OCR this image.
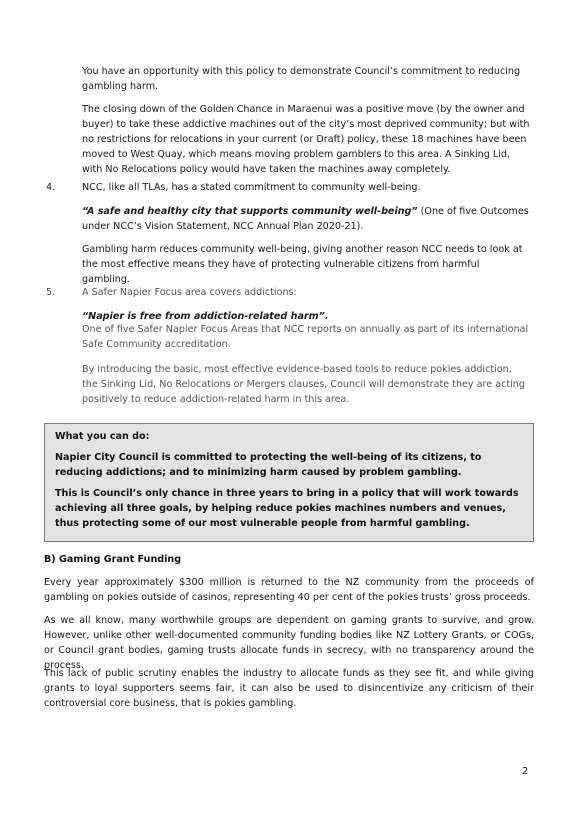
You have an opportunity with this policy to demonstrate Council’s commitment to reducing gambling harm.

The closing down of the Golden Chance in Maraenui was a positive move (by the owner and buyer) to take these addictive machines out of the city’s most deprived community; but with no restrictions for relocations in your current (or Draft) policy, these 18 machines have been moved to West Quay, which means moving problem gamblers to this area. A Sinking Lid, with No Relocations policy would have taken the machines away completely.

4.	NCC, like all TLAs, has a stated commitment to community well-being.

“A safe and healthy city that supports community well-being” (One of five Outcomes under NCC’s Vision Statement, NCC Annual Plan 2020-21).

Gambling harm reduces community well-being, giving another reason NCC needs to look at the most effective means they have of protecting vulnerable citizens from harmful gambling.

5.	A Safer Napier Focus area covers addictions:

“Napier is free from addiction-related harm”.

One of five Safer Napier Focus Areas that NCC reports on annually as part of its international Safe Community accreditation.

By introducing the basic, most effective evidence-based tools to reduce pokies addiction, the Sinking Lid, No Relocations or Mergers clauses, Council will demonstrate they are acting positively to reduce addiction-related harm in this area.

What you can do:

Napier City Council is committed to protecting the well-being of its citizens, to reducing addictions; and to minimizing harm caused by problem gambling.

This is Council’s only chance in three years to bring in a policy that will work towards achieving all three goals, by helping reduce pokies machines numbers and venues, thus protecting some of our most vulnerable people from harmful gambling.

B) Gaming Grant Funding

Every year approximately $300 million is returned to the NZ community from the proceeds of gambling on pokies outside of casinos, representing 40 per cent of the pokies trusts’ gross proceeds.

As we all know, many worthwhile groups are dependent on gaming grants to survive, and grow. However, unlike other well-documented community funding bodies like NZ Lottery Grants, or COGs, or Council grant bodies, gaming trusts allocate funds in secrecy, with no transparency around the process.

This lack of public scrutiny enables the industry to allocate funds as they see fit, and while giving grants to loyal supporters seems fair, it can also be used to disincentivize any criticism of their controversial core business, that is pokies gambling.

2
